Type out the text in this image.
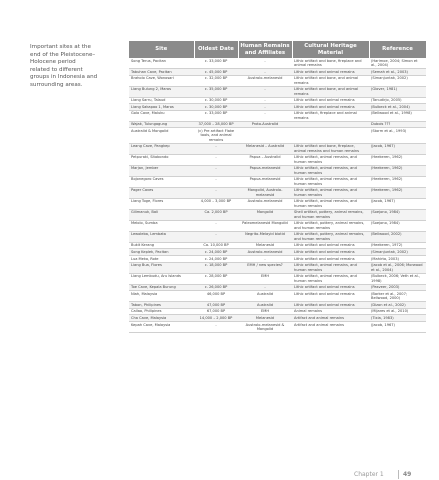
Important sites at the
end of the Pleistocene–
Holocene period
related to different
groups in Indonesia and
surrounding areas.
Site	Oldest Date	Human Remains and Affiliates	Cultural Heritage Material	Reference
Song Terus, Pacitan	c. 33,000 BP	-	Lithic artifact and bone, fireplace and animal remains	(Harimoe, 2004; Simon et al., 2004)
Tabuhan Cave, Pacitan	c. 45,000 BP	-	Lithic artifact and animal remains	(Semah et al., 2003)
Braholo Cave, Wonosari	c. 32,000 BP	Austrolo-melanesid	Lithic artifact and bone, and animal remains	(Simanjuntak, 2002)
Liang Bulung 2, Maros	c. 35,000 BP	-	Lithic artifact and bone, and animal remains	(Glover, 1981)
Liang Sarru, Talaud	c. 30,000 BP	-	Lithic artifact and animal remains	(Tanudirjo, 2005)
Liang Sakapao 1, Maros	c. 30,000 BP	-	Lithic artifact and animal remains	(Bulbeck et al., 2004)
Golo Cave, Maluku	c. 33,000 BP	-	Lithic artifact, fireplace and animal remains	(Bellwood et al., 1998)
Wajak, Tulungagung	37,000 – 28,000 BP	Proto-Australid		Dubois ???
Australid & Mongolid	(c) Pre artifact Flake tools, and animal remains			(Storm et al., 1993)
Leang Cave, Pangkep	-	Melanesid – Australid	Lithic artifact and bone, fireplace, animal remains and human remains	(Jacob, 1967)
Petpuraki, Sitobondo	-	Papua – Australid	Lithic artifact, animal remains, and human remains	(Heekeren, 1962)
Marjan, Jember	-	Papua-melanesid	Lithic artifact, animal remains, and human remains	(Heekeren, 1962)
Bojonegoro Caves	-	Papua-melanesid	Lithic artifact, animal remains, and human remains	(Heekeren, 1962)
Pager Caves	-	Mongolid, Austrolo-melanesid	Lithic artifact, animal remains, and human remains	(Heekeren, 1962)
Liang Toge, Flores	4,000 – 3,000 BP	Austrolo-melanesid	Lithic artifact, animal remains, and human remains	(Jacob, 1967)
Gilimanuk, Bali	Ca. 2,000 BP	Mongolid	Shell artifact, pottery, animal remains, and human remains	(Soejono, 1984)
Melolo, Sumba	-	Paleomelanesid Mongolid	Lithic artifact, pottery, animal remains, and human remains	(Soejono, 1984)
Lewoleba, Lembata	-	Negrito-Melayid biotid	Lithic artifact, pottery, animal remains, and human remains	(Bellwood, 2002)
Bukit Kerang	Ca. 10,000 BP	Melanesid	Lithic artifact and animal remains	(Heekeren, 1972)
Song Keplek, Pacitan	c. 24,000 BP	Austrolo-melanesid	Lithic artifact and animal remains	(Simanjuntak, 2002)
Lua Meko, Rote	c. 24,000 BP	-	Lithic artifact and animal remains	(Mahirta, 2003)
Liang Bua, Flores	c. 18,000 BP	EMH / new species?	Lithic artifact, animal remains, and human remains	(Jacob et al., 2006; Morwood et al., 2004)
Liang Lembudu, Aru Islands	c. 28,000 BP	EMH	Lithic artifact, animal remains, and human remains	(Bulbeck, 2006; Veth et al., 1998)
Toe Cave, Kepala Burung	c. 26,000 BP	-	Lithic artifact and animal remains	(Pasveer, 2003)
Niah, Malaysia	46,000 BP	Australid	Lithic artifact and animal remains	(Barker et al., 2007; Bellwood, 2000)
Tabon, Philipines	47,000 BP	Australid	Lithic artifact and animal remains	(Dizon et al., 2002)
Callao, Philipines	67,000 BP	EMH	Animal remains	(Mijares et al., 2010)
Cha Cave, Malaysia	14,000 – 2,000 BP	Melanesid	Artifact and animal remains	(Tixia, 1983)
Kepah Cave, Malaysia	-	Austrolo-melanesid & Mongolid	Artifact and animal remains	(Jacob, 1967)
Chapter 1	49
